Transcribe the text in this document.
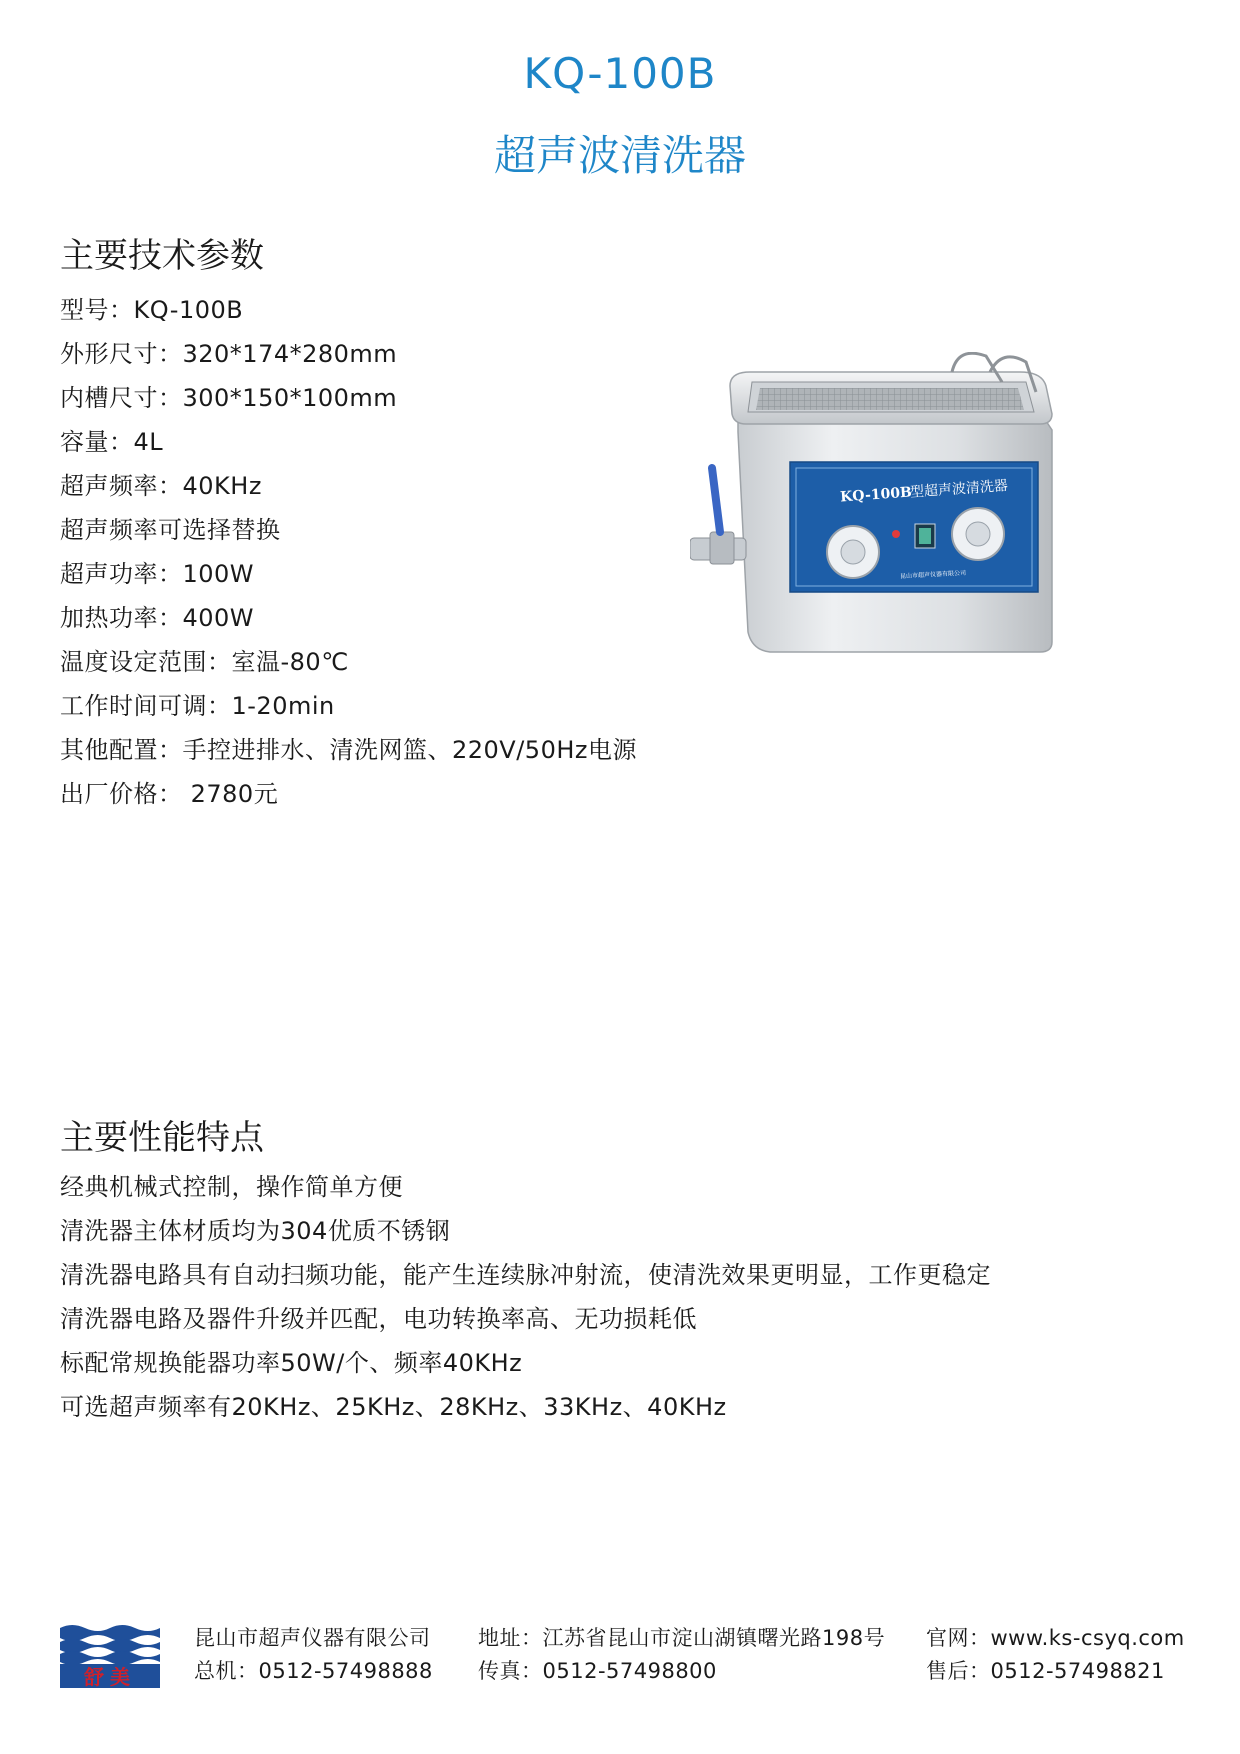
KQ-100B
超声波清洗器
主要技术参数
型号：KQ-100B
外形尺寸：320*174*280mm
内槽尺寸：300*150*100mm
容量：4L
超声频率：40KHz
超声频率可选择替换
超声功率：100W
加热功率：400W
温度设定范围：室温-80℃
工作时间可调：1-20min
其他配置：手控进排水、清洗网篮、220V/50Hz电源
出厂价格： 2780元
KQ-100B
型超声波清洗器
昆山市超声仪器有限公司
主要性能特点
经典机械式控制，操作简单方便
清洗器主体材质均为304优质不锈钢
清洗器电路具有自动扫频功能，能产生连续脉冲射流，使清洗效果更明显，工作更稳定
清洗器电路及器件升级并匹配，电功转换率高、无功损耗低
标配常规换能器功率50W/个、频率40KHz
可选超声频率有20KHz、25KHz、28KHz、33KHz、40KHz
舒美
昆山市超声仪器有限公司
总机：0512-57498888
地址：江苏省昆山市淀山湖镇曙光路198号
传真：0512-57498800
官网：www.ks-csyq.com
售后：0512-57498821
